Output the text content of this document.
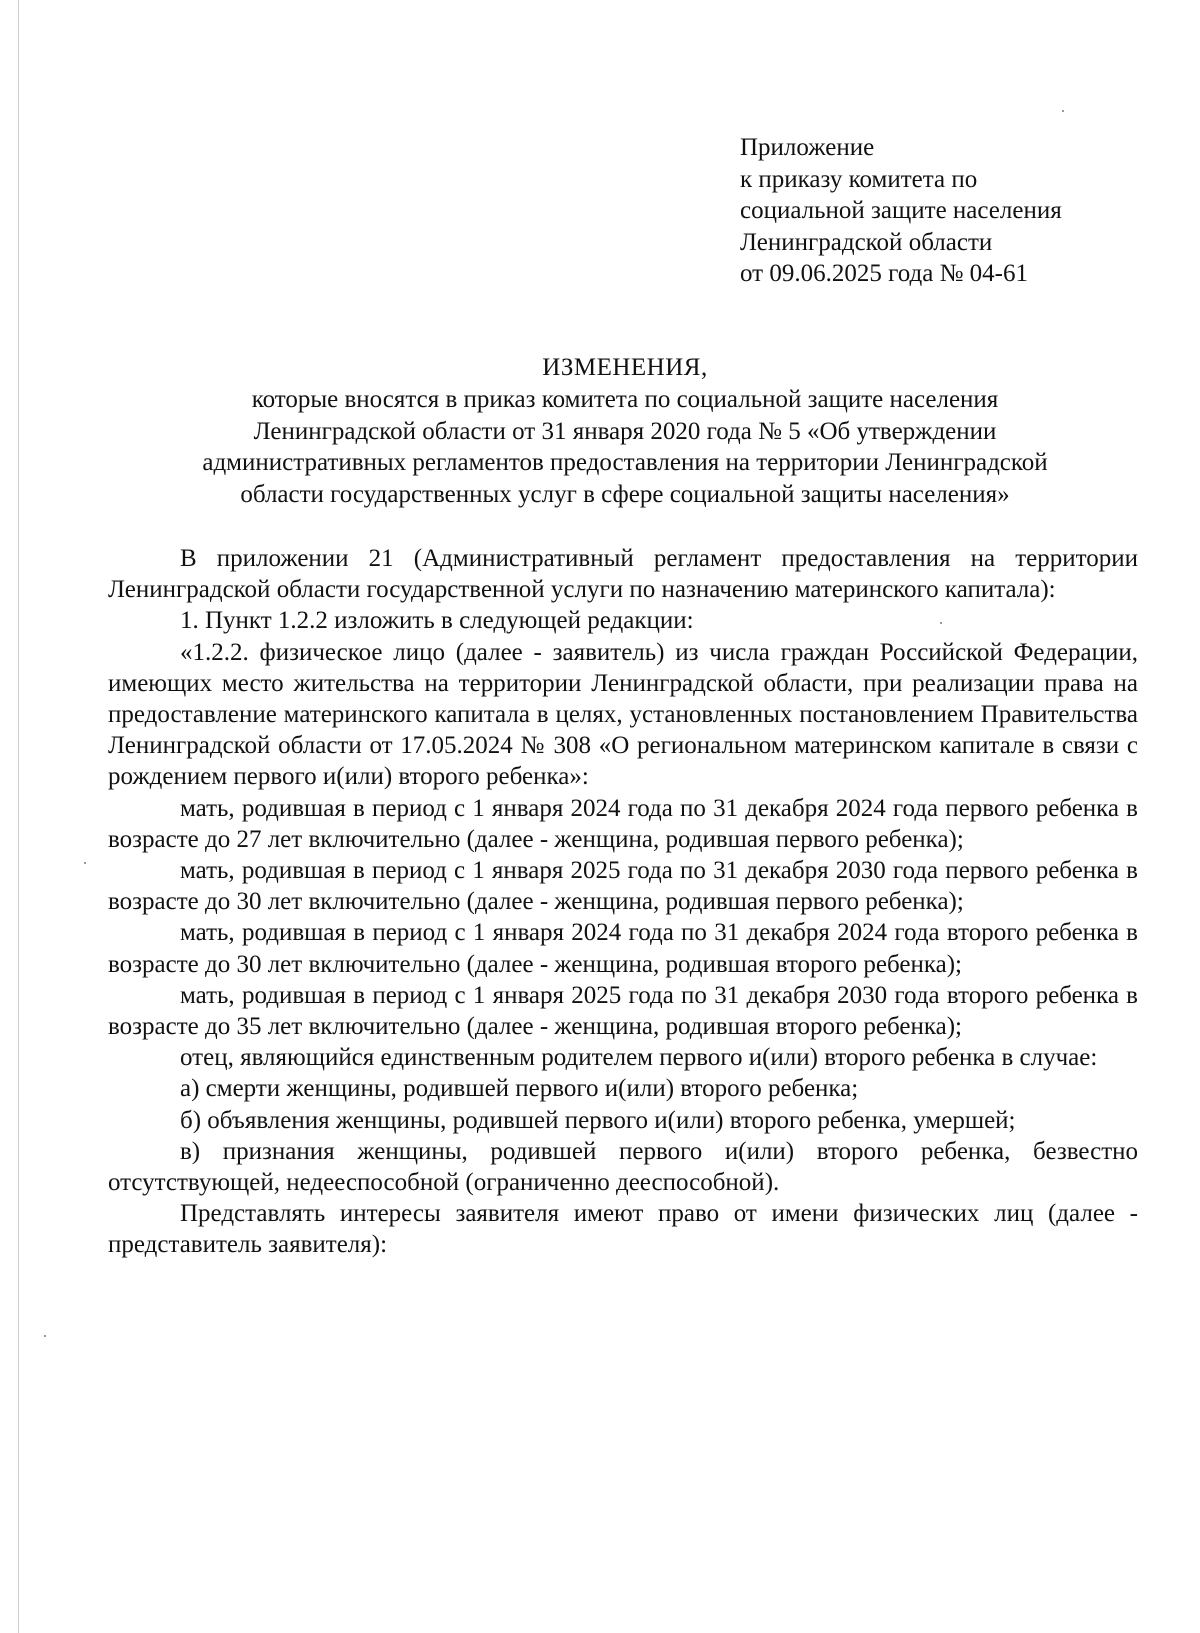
Приложение
к приказу комитета по
социальной защите населения
Ленинградской области
от 09.06.2025 года № 04-61
ИЗМЕНЕНИЯ,
которые вносятся в приказ комитета по социальной защите населения
Ленинградской области от 31 января 2020 года № 5 «Об утверждении
административных регламентов предоставления на территории Ленинградской
области государственных услуг в сфере социальной защиты населения»

В приложении 21 (Административный регламент предоставления на территории Ленинградской области государственной услуги по назначению материнского капитала):

1. Пункт 1.2.2 изложить в следующей редакции:

«1.2.2. физическое лицо (далее - заявитель) из числа граждан Российской Федерации, имеющих место жительства на территории Ленинградской области, при реализации права на предоставление материнского капитала в целях, установленных постановлением Правительства Ленинградской области от 17.05.2024 № 308 «О региональном материнском капитале в связи с рождением первого и(или) второго ребенка»:

мать, родившая в период с 1 января 2024 года по 31 декабря 2024 года первого ребенка в возрасте до 27 лет включительно (далее - женщина, родившая первого ребенка);

мать, родившая в период с 1 января 2025 года по 31 декабря 2030 года первого ребенка в возрасте до 30 лет включительно (далее - женщина, родившая первого ребенка);

мать, родившая в период с 1 января 2024 года по 31 декабря 2024 года второго ребенка в возрасте до 30 лет включительно (далее - женщина, родившая второго ребенка);

мать, родившая в период с 1 января 2025 года по 31 декабря 2030 года второго ребенка в возрасте до 35 лет включительно (далее - женщина, родившая второго ребенка);

отец, являющийся единственным родителем первого и(или) второго ребенка в случае:

а) смерти женщины, родившей первого и(или) второго ребенка;

б) объявления женщины, родившей первого и(или) второго ребенка, умершей;

в) признания женщины, родившей первого и(или) второго ребенка, безвестно отсутствующей, недееспособной (ограниченно дееспособной).

Представлять интересы заявителя имеют право от имени физических лиц (далее - представитель заявителя):
